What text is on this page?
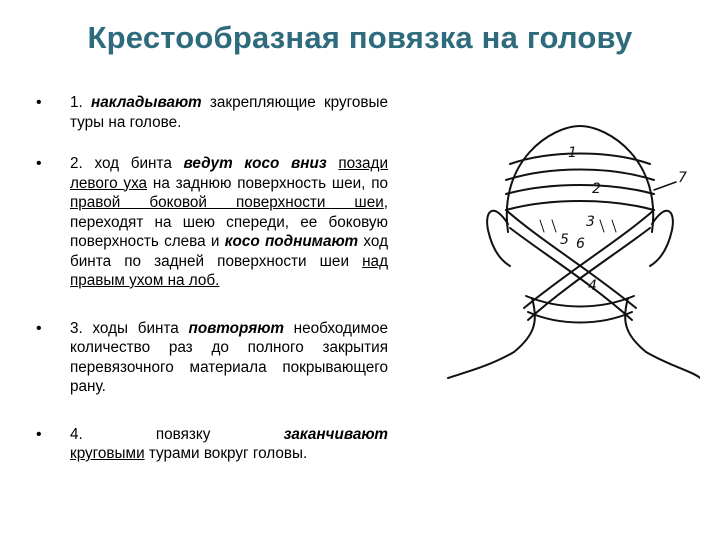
Крестообразная повязка на голову
• 1. накладывают закрепляющие круговые туры на голове.
• 2. ход бинта ведут косо вниз позади левого уха на заднюю поверхность шеи, по правой боковой поверхности шеи, переходят на шею спереди, ее боковую поверхность слева и косо поднимают ход бинта по задней поверхности шеи над правым ухом на лоб.
• 3. ходы бинта повторяют необходимое количество раз до полного закрытия перевязочного материала покрывающего рану.
• 4. повязку заканчивают
круговыми турами вокруг головы.
1
2
3
4
5 6
7
